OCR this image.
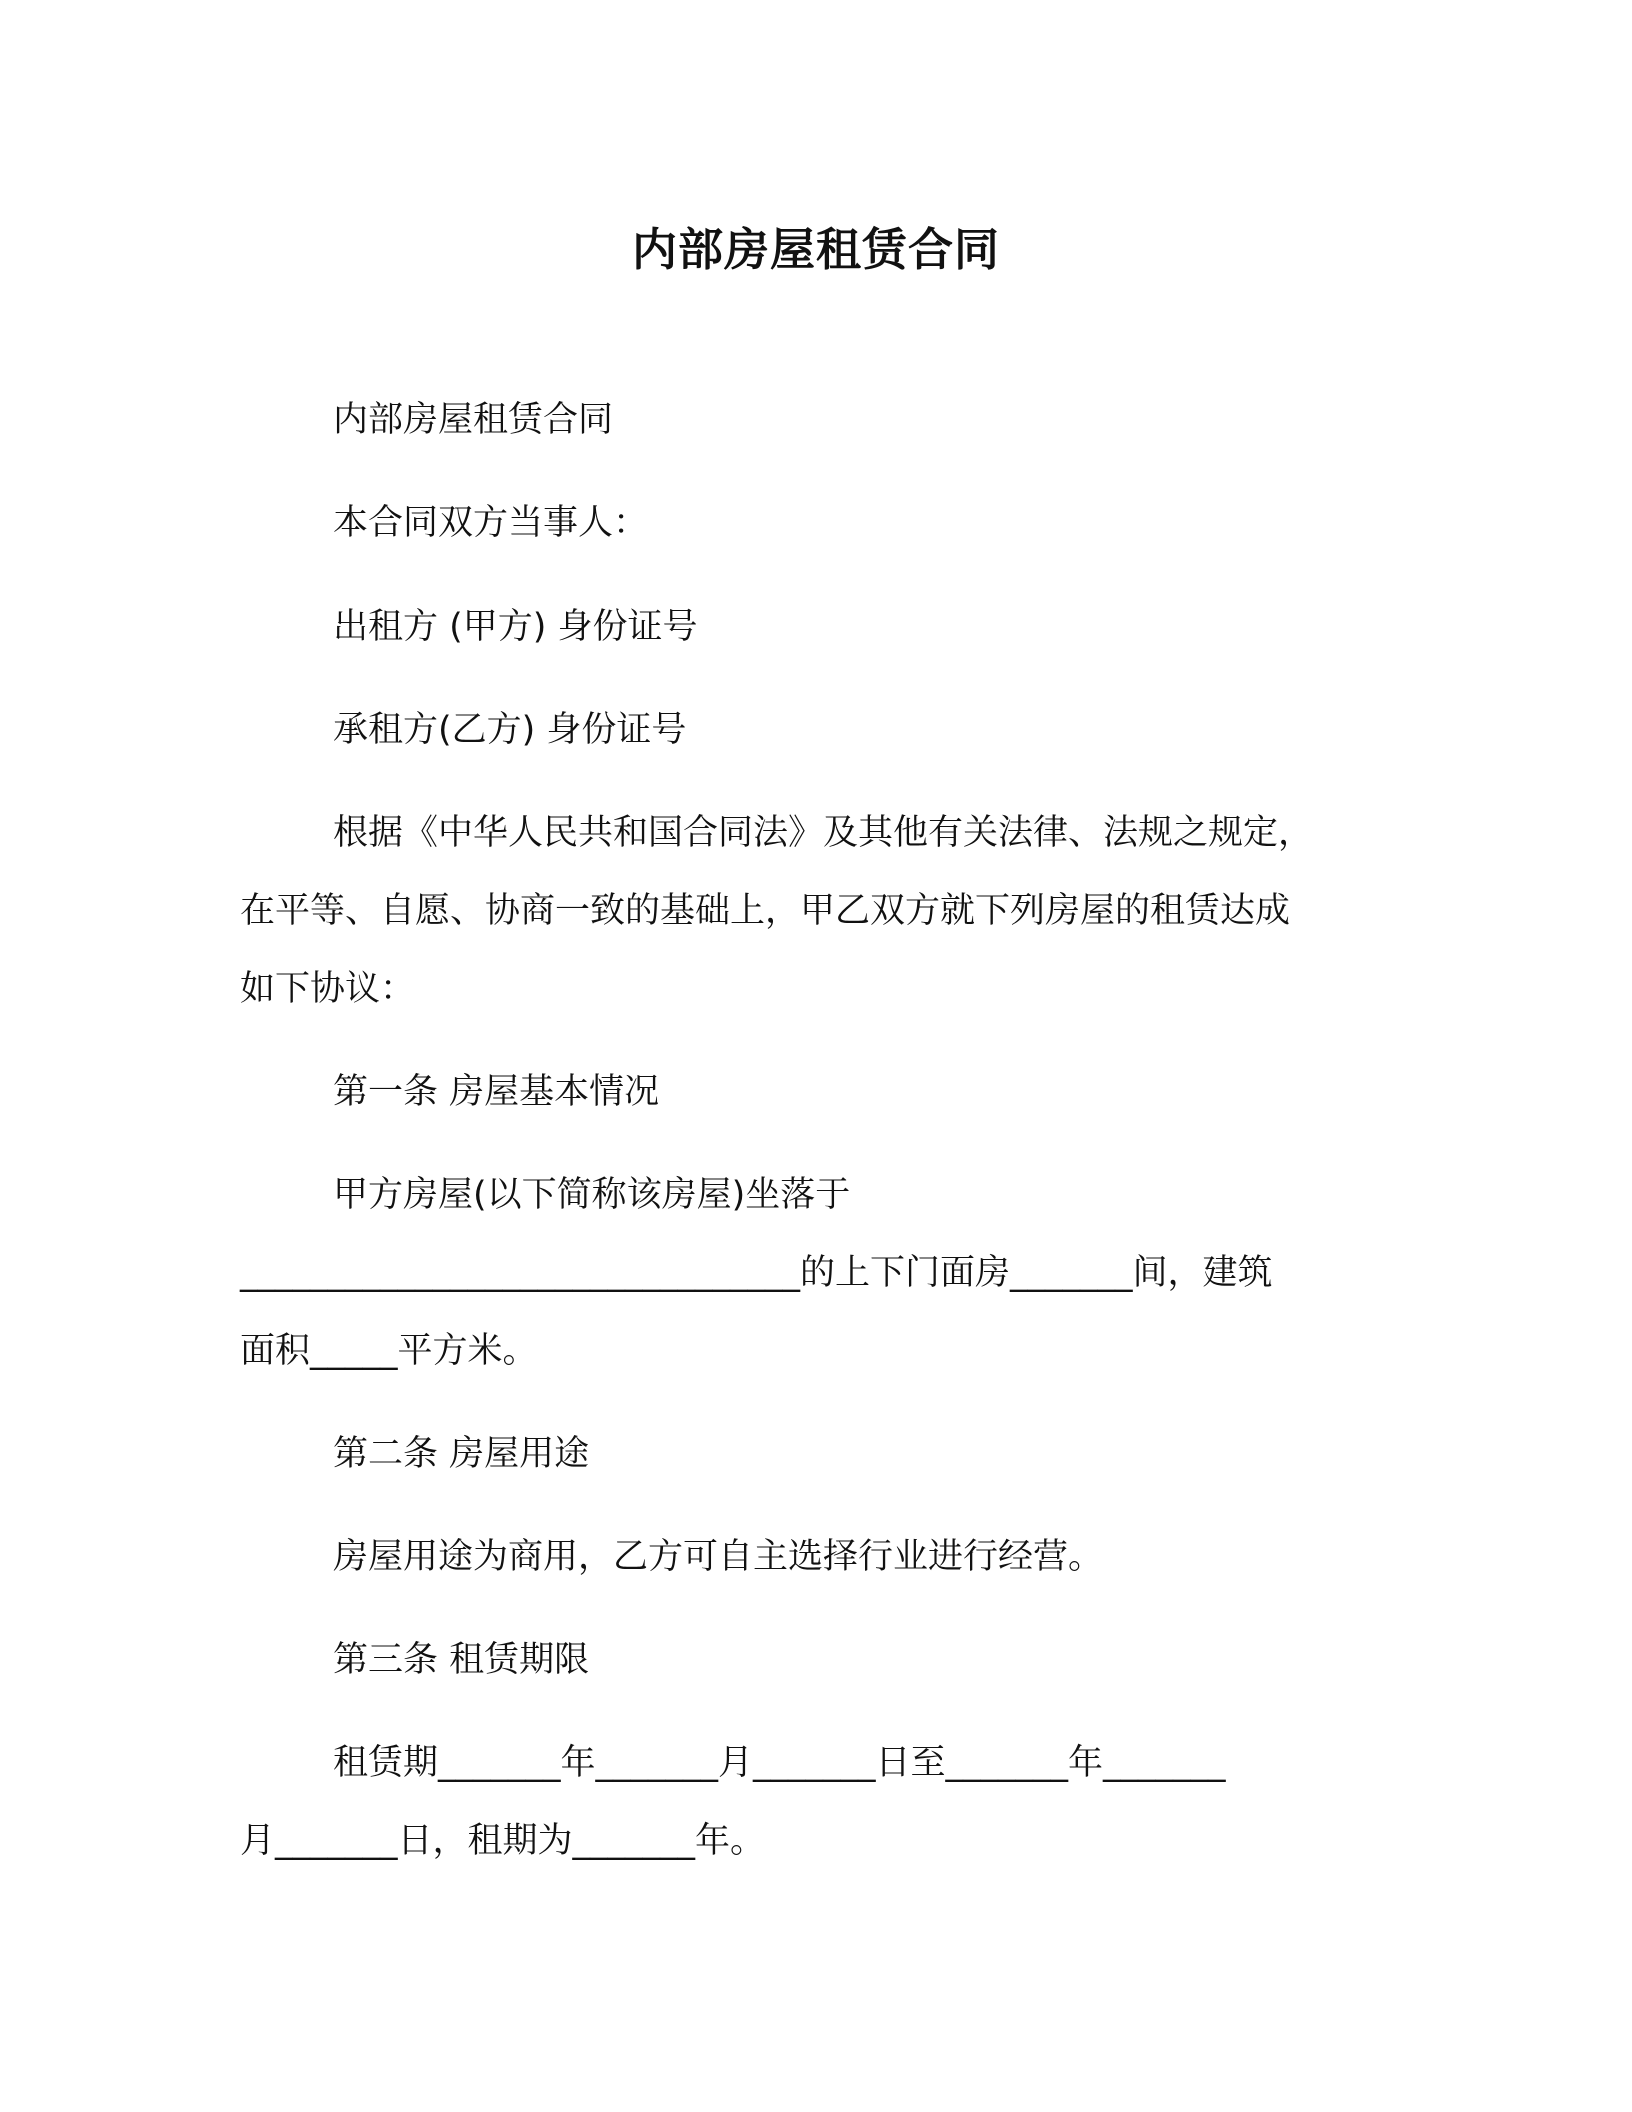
内部房屋租赁合同
内部房屋租赁合同
本合同双方当事人：
出租方 (甲方) 身份证号
承租方(乙方) 身份证号
根据《中华人民共和国合同法》及其他有关法律、法规之规定，
在平等、自愿、协商一致的基础上，甲乙双方就下列房屋的租赁达成
如下协议：
第一条 房屋基本情况
甲方房屋(以下简称该房屋)坐落于
________________________________的上下门面房_______间，建筑
面积_____平方米。
第二条 房屋用途
房屋用途为商用，乙方可自主选择行业进行经营。
第三条 租赁期限
租赁期_______年_______月_______日至_______年_______
月_______日，租期为_______年。
